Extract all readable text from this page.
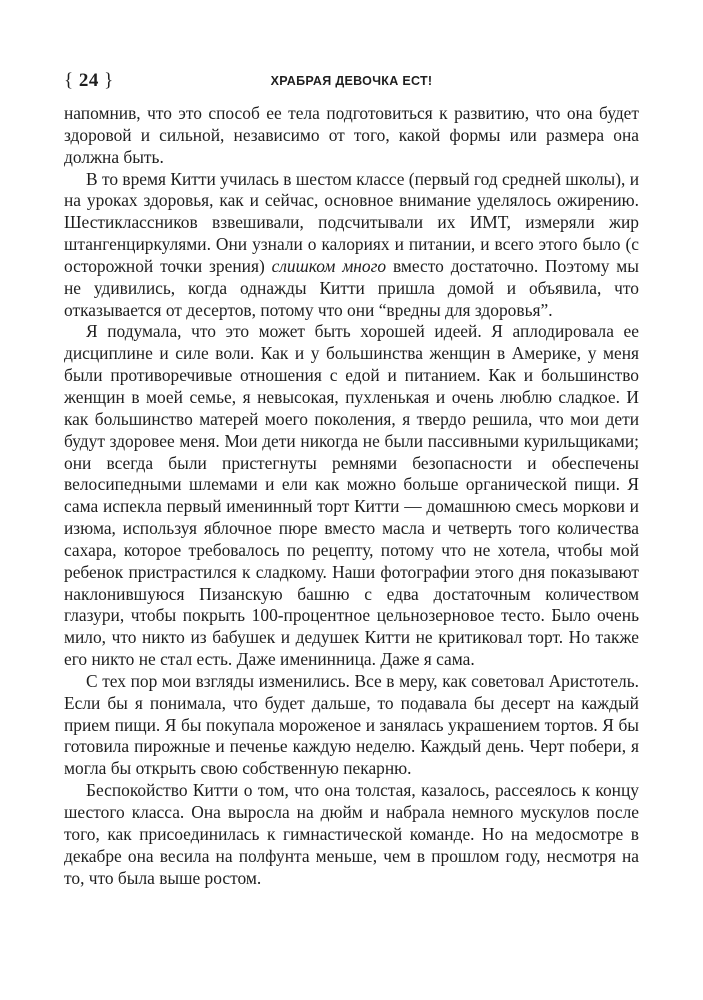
{ 24 }	ХРАБРАЯ ДЕВОЧКА ЕСТ!

напомнив, что это способ ее тела подготовиться к развитию, что она будет здоровой и сильной, независимо от того, какой формы или размера она должна быть.

В то время Китти училась в шестом классе (первый год средней школы), и на уроках здоровья, как и сейчас, основное внимание уделялось ожирению. Шестиклассников взвешивали, подсчитывали их ИМТ, измеряли жир штангенциркулями. Они узнали о калориях и питании, и всего этого было (с осторожной точки зрения) слишком много вместо достаточно. Поэтому мы не удивились, когда однажды Китти пришла домой и объявила, что отказывается от десертов, потому что они “вредны для здоровья”.

Я подумала, что это может быть хорошей идеей. Я аплодировала ее дисциплине и силе воли. Как и у большинства женщин в Америке, у меня были противоречивые отношения с едой и питанием. Как и большинство женщин в моей семье, я невысокая, пухленькая и очень люблю сладкое. И как большинство матерей моего поколения, я твердо решила, что мои дети будут здоровее меня. Мои дети никогда не были пассивными курильщиками; они всегда были пристегнуты ремнями безопасности и обеспечены велосипедными шлемами и ели как можно больше органической пищи. Я сама испекла первый именинный торт Китти — домашнюю смесь моркови и изюма, используя яблочное пюре вместо масла и четверть того количества сахара, которое требовалось по рецепту, потому что не хотела, чтобы мой ребенок пристрастился к сладкому. Наши фотографии этого дня показывают наклонившуюся Пизанскую башню с едва достаточным количеством глазури, чтобы покрыть 100-процентное цельнозерновое тесто. Было очень мило, что никто из бабушек и дедушек Китти не критиковал торт. Но также его никто не стал есть. Даже именинница. Даже я сама.

С тех пор мои взгляды изменились. Все в меру, как советовал Аристотель. Если бы я понимала, что будет дальше, то подавала бы десерт на каждый прием пищи. Я бы покупала мороженое и занялась украшением тортов. Я бы готовила пирожные и печенье каждую неделю. Каждый день. Черт побери, я могла бы открыть свою собственную пекарню.

Беспокойство Китти о том, что она толстая, казалось, рассеялось к концу шестого класса. Она выросла на дюйм и набрала немного мускулов после того, как присоединилась к гимнастической команде. Но на медосмотре в декабре она весила на полфунта меньше, чем в прошлом году, несмотря на то, что была выше ростом.
